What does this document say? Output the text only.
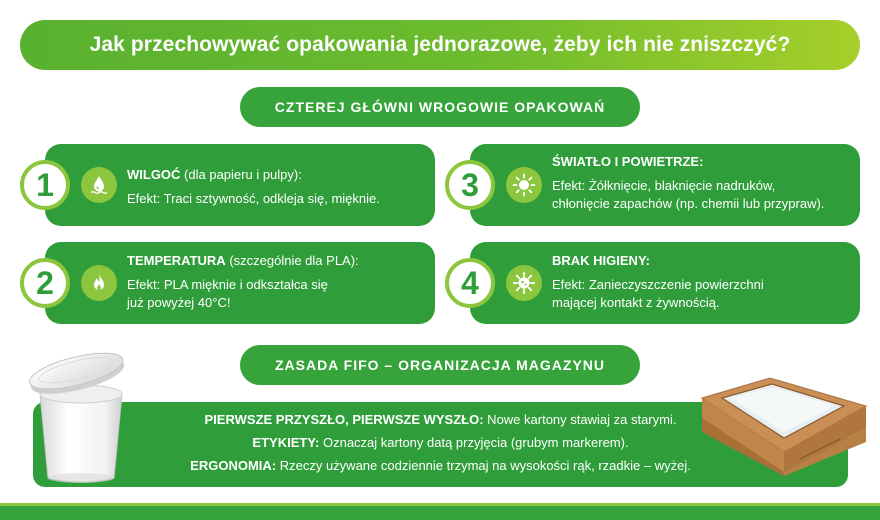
Jak przechowywać opakowania jednorazowe, żeby ich nie zniszczyć?
CZTEREJ GŁÓWNI WROGOWIE OPAKOWAŃ
1
2
3
4
WILGOĆ (dla papieru i pulpy):
Efekt: Traci sztywność, odkleja się, mięknie.
TEMPERATURA (szczególnie dla PLA):
Efekt: PLA mięknie i odkształca się
już powyżej 40°C!
ŚWIATŁO I POWIETRZE:
Efekt: Żółknięcie, blaknięcie nadruków,
chłonięcie zapachów (np. chemii lub przypraw).
BRAK HIGIENY:
Efekt: Zanieczyszczenie powierzchni
mającej kontakt z żywnością.
ZASADA FIFO – ORGANIZACJA MAGAZYNU
PIERWSZE PRZYSZŁO, PIERWSZE WYSZŁO: Nowe kartony stawiaj za starymi.
ETYKIETY: Oznaczaj kartony datą przyjęcia (grubym markerem).
ERGONOMIA: Rzeczy używane codziennie trzymaj na wysokości rąk, rzadkie – wyżej.
